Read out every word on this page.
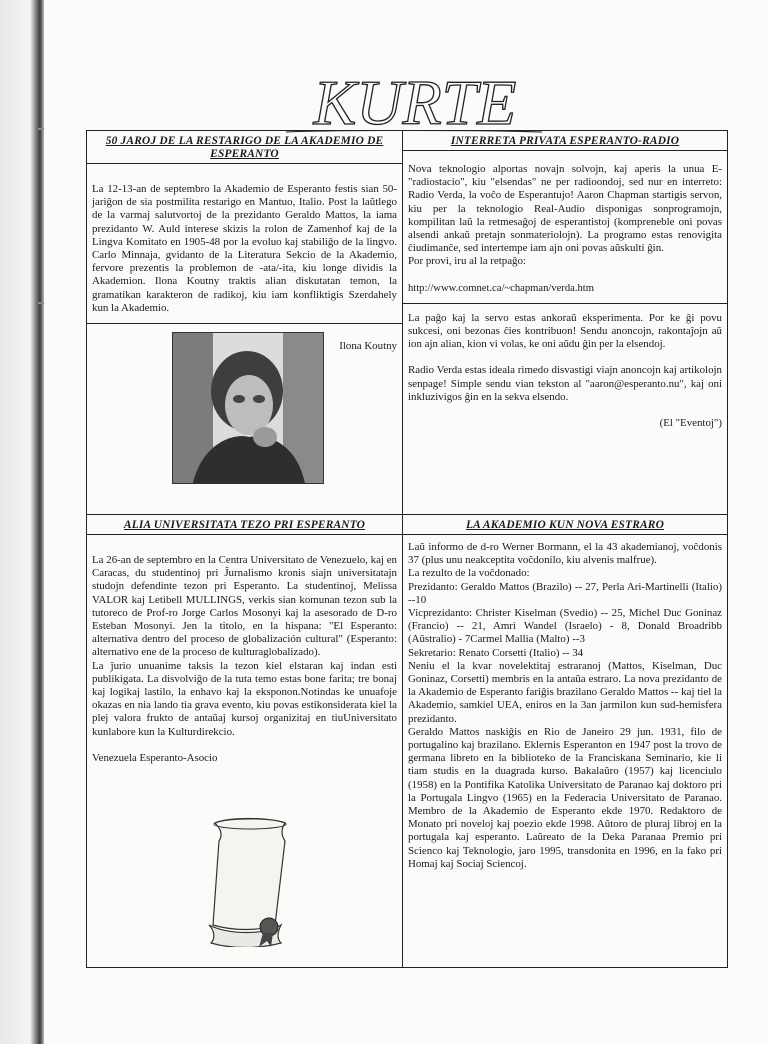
KURTE
50 JAROJ DE LA RESTARIGO DE LA AKADEMIO DE ESPERANTO

La 12-13-an de septembro la Akademio de Esperanto festis sian 50-jariĝon de sia postmilita restarigo en Mantuo, Italio. Post la laŭtlego de la varmaj salutvortoj de la prezidanto Geraldo Mattos, la iama prezidanto W. Auld interese skizis la rolon de Zamenhof kaj de la Lingva Komitato en 1905-48 por la evoluo kaj stabiliĝo de la lingvo. Carlo Minnaja, gvidanto de la Literatura Sekcio de la Akademio, fervore prezentis la problemon de -ata/-ita, kiu longe dividis la Akademion. Ilona Koutny traktis alian diskutatan temon, la gramatikan karakteron de radikoj, kiu iam konfliktigis Szerdahely kun la Akademio.

Ilona Koutny
INTERRETA PRIVATA ESPERANTO-RADIO

Nova teknologio alportas novajn solvojn, kaj aperis la unua E-"radiostacio", kiu "elsendas" ne per radioondoj, sed nur en interreto: Radio Verda, la voĉo de Esperantujo! Aaron Chapman startigis servon, kiu per la teknologio Real-Audio disponigas sonprogramojn, kompilitan laŭ la retmesaĝoj de esperantistoj (kompreneble oni povas alsendi ankaŭ pretajn sonmateriolojn). La programo estas renovigita ĉiudimanĉe, sed intertempe iam ajn oni povas aŭskulti ĝin.

Por provi, iru al la retpaĝo:

http://www.comnet.ca/~chapman/verda.htm

La paĝo kaj la servo estas ankoraŭ eksperimenta. Por ke ĝi povu sukcesi, oni bezonas ĉies kontribuon! Sendu anoncojn, rakontaĵojn aŭ ion ajn alian, kion vi volas, ke oni aŭdu ĝin per la elsendoj.

Radio Verda estas ideala rimedo disvastigi viajn anoncojn kaj artikolojn senpage! Simple sendu vian tekston al "aaron@esperanto.nu", kaj oni inkluzivigos ĝin en la sekva elsendo.

(El "Eventoj")

ALIA UNIVERSITATA TEZO PRI ESPERANTO

La 26-an de septembro en la Centra Universitato de Venezuelo, kaj en Caracas, du studentinoj pri Ĵurnalismo kronis siajn universitatajn studojn defendinte tezon pri Esperanto. La studentinoj, Melissa VALOR kaj Letibell MULLINGS, verkis sian komunan tezon sub la tutoreco de Prof-ro Jorge Carlos Mosonyi kaj la asesorado de D-ro Esteban Mosonyi. Jen la titolo, en la hispana: "El Esperanto: alternativa dentro del proceso de globalización cultural" (Esperanto: alternativo ene de la proceso de kulturaglobalizado).

La ĵurio unuanime taksis la tezon kiel elstaran kaj indan esti publikigata. La disvolviĝo de la tuta temo estas bone farita; tre bonaj kaj logikaj lastilo, la enhavo kaj la eksponon.Notindas ke unuafoje okazas en nia lando tia grava evento, kiu povas estikonsiderata kiel la plej valora frukto de antaŭaj kursoj organizitaj en tiuUniversitato kunlabore kun la Kulturdirekcio.

Venezuela Esperanto-Asocio

LA AKADEMIO KUN NOVA ESTRARO

Laŭ informo de d-ro Werner Bormann, el la 43 akademianoj, voĉdonis 37 (plus unu neakceptita voĉdonilo, kiu alvenis malfrue).

La rezulto de la voĉdonado:

Prezidanto: Geraldo Mattos (Brazilo) -- 27, Perla Ari-Martinelli (Italio) --10

Vicprezidanto: Christer Kiselman (Svedio) -- 25, Michel Duc Goninaz (Francio) -- 21, Amri Wandel (Israelo) - 8, Donald Broadribb (Aŭstralio) - 7Carmel Mallia (Malto) --3

Sekretario: Renato Corsetti (Italio) -- 34

Neniu el la kvar novelektitaj estraranoj (Mattos, Kiselman, Duc Goninaz, Corsetti) membris en la antaŭa estraro. La nova prezidanto de la Akademio de Esperanto fariĝis brazilano Geraldo Mattos -- kaj tiel la Akademio, samkiel UEA, eniros en la 3an jarmilon kun sud-hemisfera prezidanto.

Geraldo Mattos naskiĝis en Rio de Janeiro 29 jun. 1931, filo de portugalino kaj brazilano. Eklernis Esperanton en 1947 post la trovo de germana libreto en la biblioteko de la Franciskana Seminario, kie li tiam studis en la duagrada kurso. Bakalaŭro (1957) kaj licenciulo (1958) en la Pontifika Katolika Universitato de Paranao kaj doktoro pri la Portugala Lingvo (1965) en la Federacia Universitato de Paranao. Membro de la Akademio de Esperanto ekde 1970. Redaktoro de Monato pri noveloj kaj poezio ekde 1998. Aŭtoro de pluraj libroj en la portugala kaj esperanto. Laŭreato de la Deka Paranaa Premio pri Scienco kaj Teknologio, jaro 1995, transdonita en 1996, en la fako pri Homaj kaj Sociaj Sciencoj.
